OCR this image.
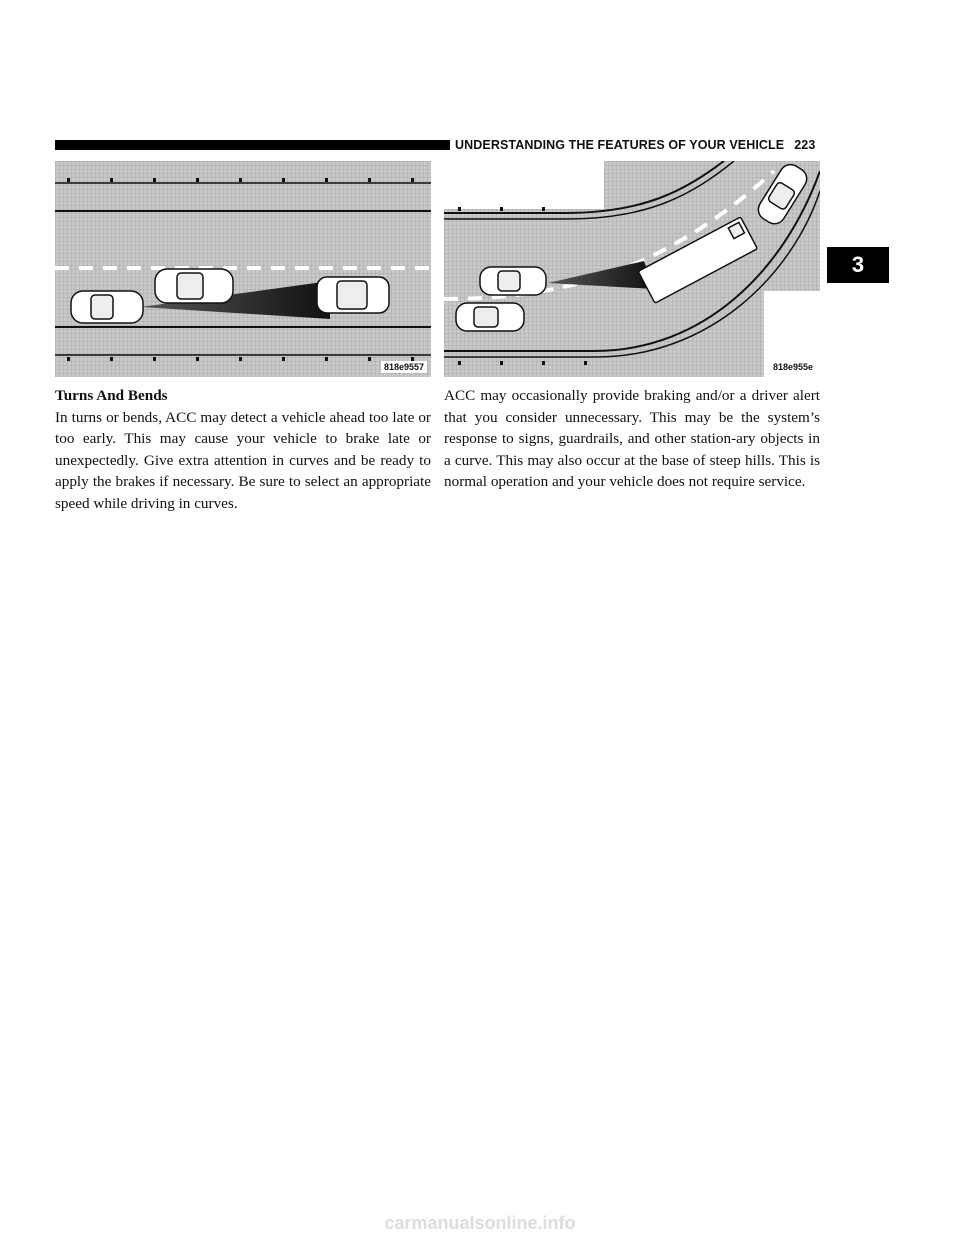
UNDERSTANDING THE FEATURES OF YOUR VEHICLE 223
3
818e9557	818e955e
Turns And Bends

In turns or bends, ACC may detect a vehicle ahead too late or too early. This may cause your vehicle to brake late or unexpectedly. Give extra attention in curves and be ready to apply the brakes if necessary. Be sure to select an appropriate speed while driving in curves.

ACC may occasionally provide braking and/or a driver alert that you consider unnecessary. This may be the system’s response to signs, guardrails, and other station-ary objects in a curve. This may also occur at the base of steep hills. This is normal operation and your vehicle does not require service.

carmanualsonline.info
